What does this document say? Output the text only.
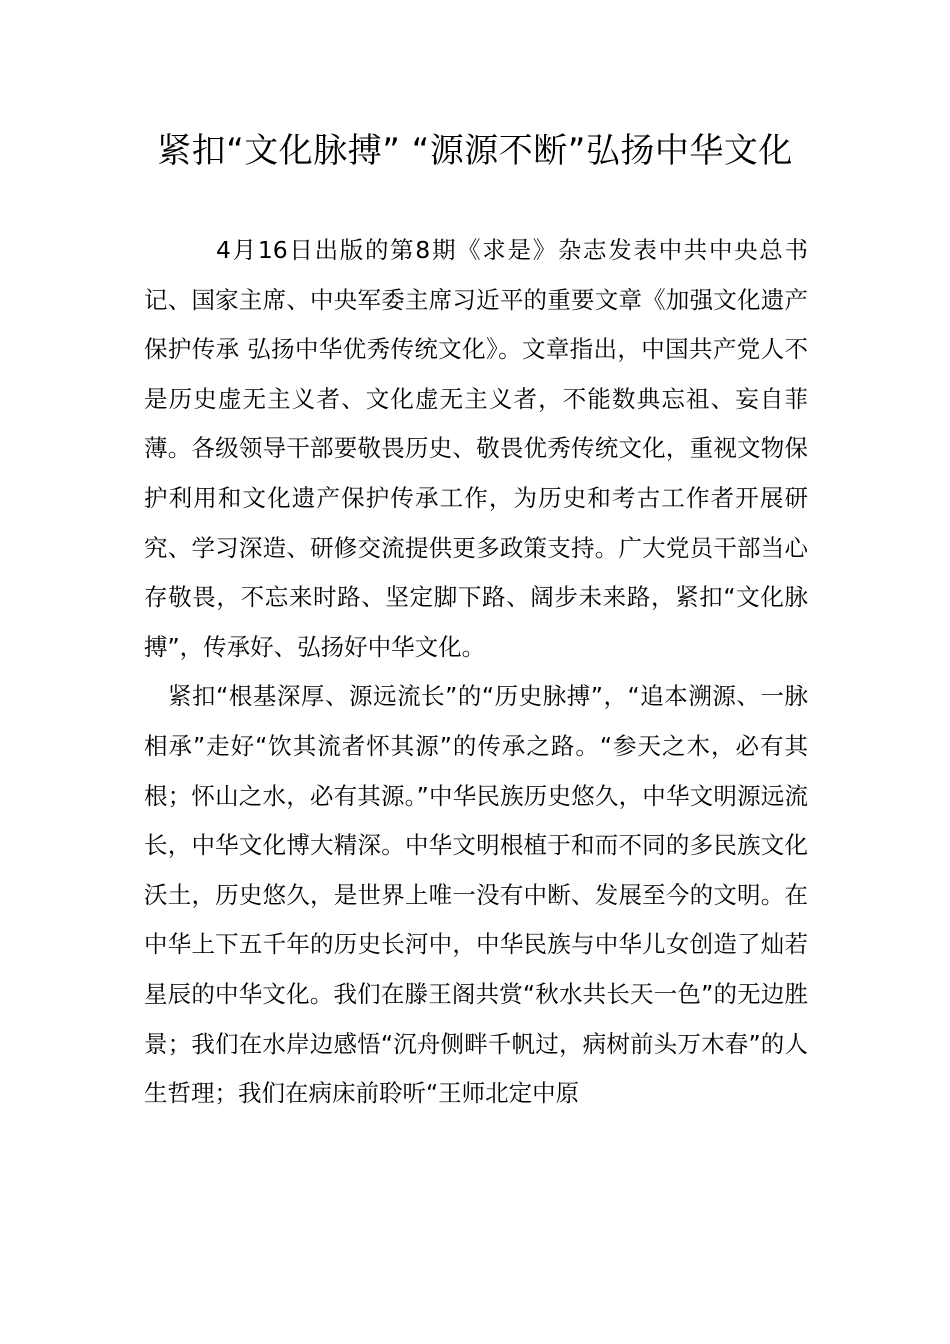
紧扣“文化脉搏” “源源不断”弘扬中华文化

4月16日出版的第8期《求是》杂志发表中共中央总书记、国家主席、中央军委主席习近平的重要文章《加强文化遗产保护传承 弘扬中华优秀传统文化》。文章指出，中国共产党人不是历史虚无主义者、文化虚无主义者，不能数典忘祖、妄自菲薄。各级领导干部要敬畏历史、敬畏优秀传统文化，重视文物保护利用和文化遗产保护传承工作，为历史和考古工作者开展研究、学习深造、研修交流提供更多政策支持。广大党员干部当心存敬畏，不忘来时路、坚定脚下路、阔步未来路，紧扣“文化脉搏”，传承好、弘扬好中华文化。

紧扣“根基深厚、源远流长”的“历史脉搏”，“追本溯源、一脉相承”走好“饮其流者怀其源”的传承之路。“参天之木，必有其根；怀山之水，必有其源。”中华民族历史悠久，中华文明源远流长，中华文化博大精深。中华文明根植于和而不同的多民族文化沃土，历史悠久，是世界上唯一没有中断、发展至今的文明。在中华上下五千年的历史长河中，中华民族与中华儿女创造了灿若星辰的中华文化。我们在滕王阁共赏“秋水共长天一色”的无边胜景；我们在水岸边感悟“沉舟侧畔千帆过，病树前头万木春”的人生哲理；我们在病床前聆听“王师北定中原
